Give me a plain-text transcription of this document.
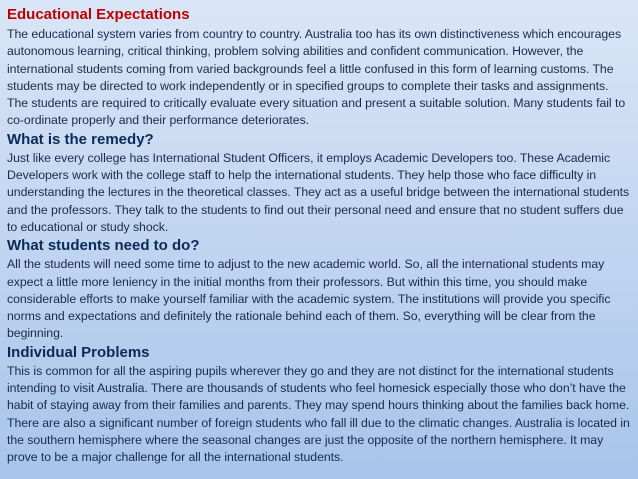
Educational Expectations
The educational system varies from country to country. Australia too has its own distinctiveness which encourages autonomous learning, critical thinking, problem solving abilities and confident communication. However, the international students coming from varied backgrounds feel a little confused in this form of learning customs. The students may be directed to work independently or in specified groups to complete their tasks and assignments. The students are required to critically evaluate every situation and present a suitable solution. Many students fail to co-ordinate properly and their performance deteriorates.
What is the remedy?
Just like every college has International Student Officers, it employs Academic Developers too. These Academic Developers work with the college staff to help the international students. They help those who face difficulty in understanding the lectures in the theoretical classes. They act as a useful bridge between the international students and the professors. They talk to the students to find out their personal need and ensure that no student suffers due to educational or study shock.
What students need to do?
All the students will need some time to adjust to the new academic world. So, all the international students may expect a little more leniency in the initial months from their professors. But within this time, you should make considerable efforts to make yourself familiar with the academic system. The institutions will provide you specific norms and expectations and definitely the rationale behind each of them. So, everything will be clear from the beginning.
Individual Problems
This is common for all the aspiring pupils wherever they go and they are not distinct for the international students intending to visit Australia. There are thousands of students who feel homesick especially those who don’t have the habit of staying away from their families and parents. They may spend hours thinking about the families back home. There are also a significant number of foreign students who fall ill due to the climatic changes. Australia is located in the southern hemisphere where the seasonal changes are just the opposite of the northern hemisphere. It may prove to be a major challenge for all the international students.
